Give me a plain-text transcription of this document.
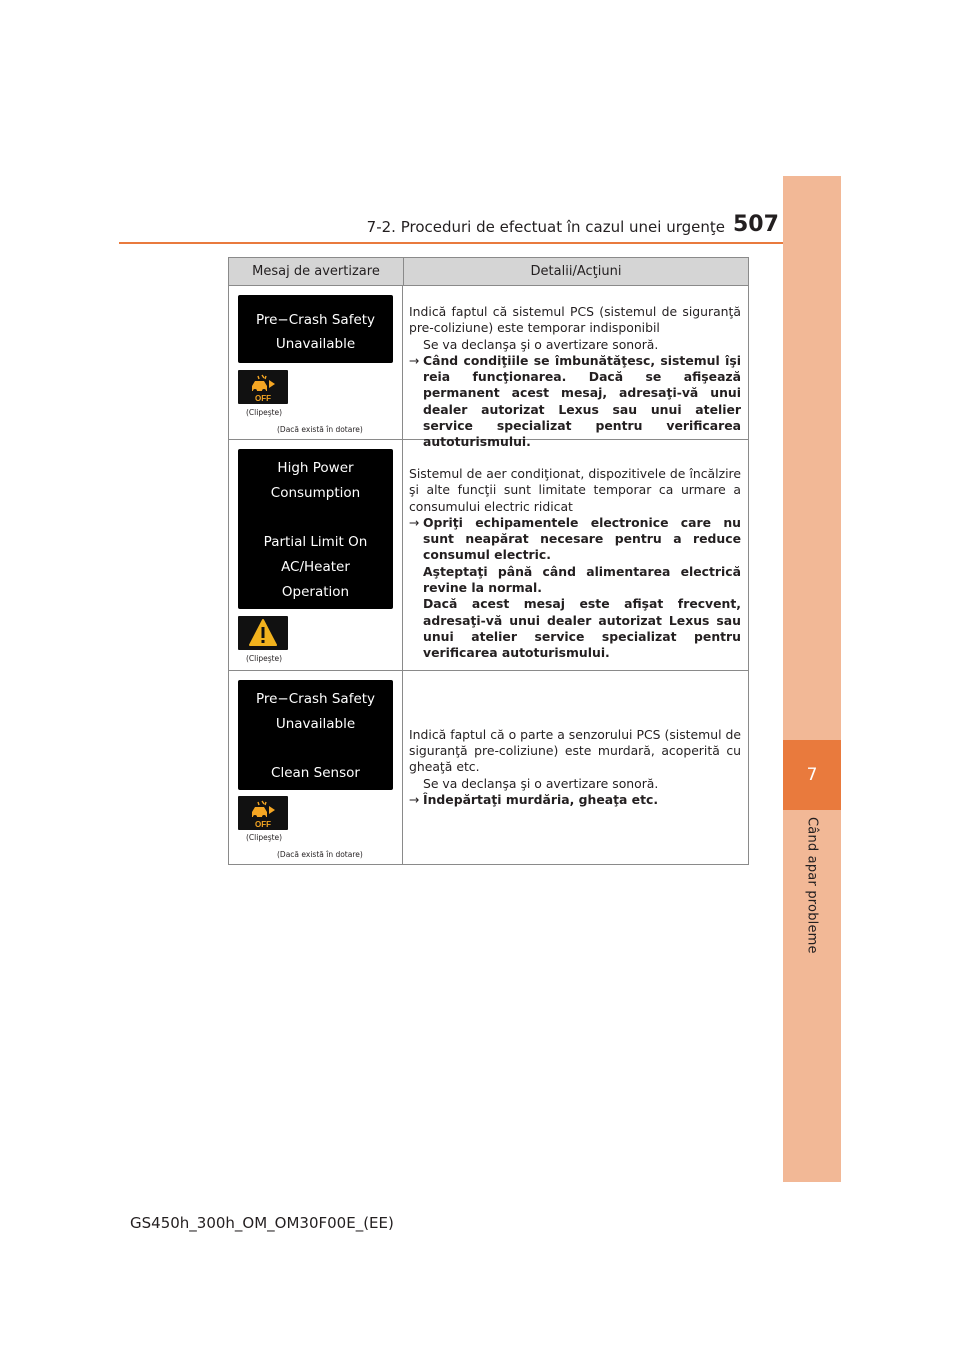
7
Când apar probleme
7-2. Proceduri de efectuat în cazul unei urgenţe 507
Mesaj de avertizare	Detalii/Acţiuni
Pre−Crash Safety
Unavailable
OFF
(Clipeşte)
(Dacă există în dotare)
Indică faptul că sistemul PCS (sistemul de siguranţă pre-coliziune) este temporar indisponibil
Se va declanşa şi o avertizare sonoră.
→ Când condiţiile se îmbunătăţesc, sistemul îşi reia funcţionarea. Dacă se afişează permanent acest mesaj, adresaţi-vă unui dealer autorizat Lexus sau unui atelier service specializat pentru verificarea autoturismului.
High Power
Consumption

Partial Limit On
AC/Heater
Operation
(Clipeşte)
Sistemul de aer condiţionat, dispozitivele de încălzire şi alte funcţii sunt limitate temporar ca urmare a consumului electric ridicat
→ Opriţi echipamentele electronice care nu sunt neapărat necesare pentru a reduce consumul electric.
Aşteptaţi până când alimentarea electrică revine la normal.
Dacă acest mesaj este afişat frecvent, adresaţi-vă unui dealer autorizat Lexus sau unui atelier service specializat pentru verificarea autoturismului.
Pre−Crash Safety
Unavailable

Clean Sensor
OFF
(Clipeşte)
(Dacă există în dotare)
Indică faptul că o parte a senzorului PCS (sistemul de siguranţă pre-coliziune) este murdară, acoperită cu gheaţă etc.
Se va declanşa şi o avertizare sonoră.
→ Îndepărtaţi murdăria, gheaţa etc.
GS450h_300h_OM_OM30F00E_(EE)
